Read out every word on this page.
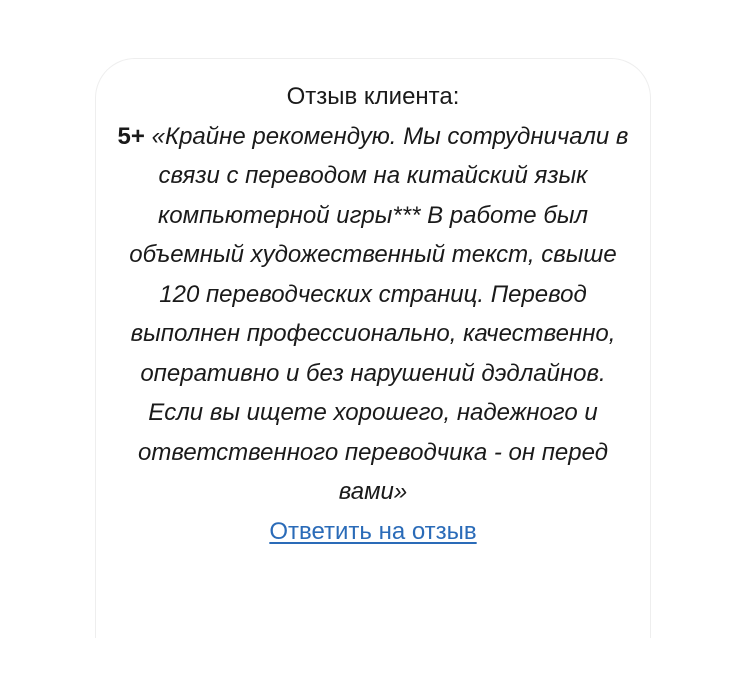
Отзыв клиента:
5+ «Крайне рекомендую. Мы сотрудничали в связи с переводом на китайский язык компьютерной игры*** В работе был объемный художественный текст, свыше 120 переводческих страниц. Перевод выполнен профессионально, качественно, оперативно и без нарушений дэдлайнов. Если вы ищете хорошего, надежного и ответственного переводчика - он перед вами»
Ответить на отзыв
